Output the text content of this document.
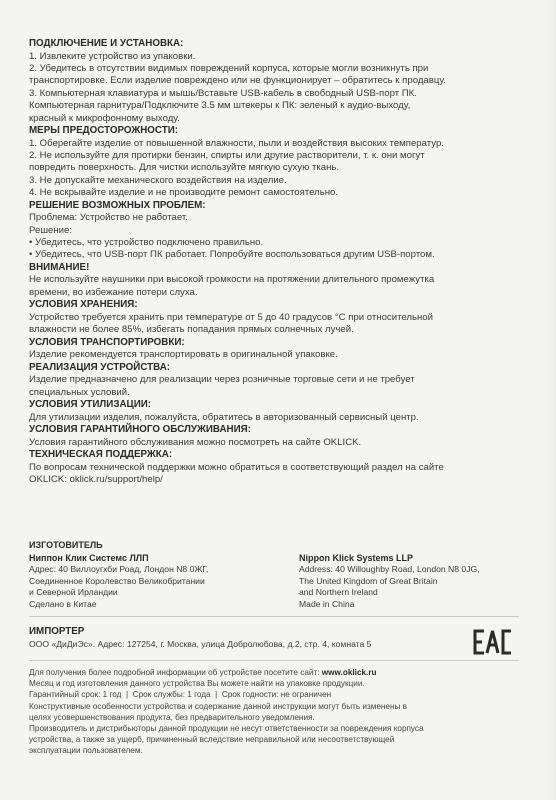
ПОДКЛЮЧЕНИЕ И УСТАНОВКА:
1. Извлеките устройство из упаковки.
2. Убедитесь в отсутствии видимых повреждений корпуса, которые могли возникнуть при
транспортировке. Если изделие повреждено или не функционирует – обратитесь к продавцу.
3. Компьютерная клавиатура и мышь/Вставьте USB-кабель в свободный USB-порт ПК.
Компьютерная гарнитура/Подключите 3.5 мм штекеры к ПК: зеленый к аудио-выходу,
красный к микрофонному выходу.
МЕРЫ ПРЕДОСТОРОЖНОСТИ:
1. Оберегайте изделие от повышенной влажности, пыли и воздействия высоких температур.
2. Не используйте для протирки бензин, спирты или другие растворители, т. к. они могут
повредить поверхность. Для чистки используйте мягкую сухую ткань.
3. Не допускайте механического воздействия на изделие.
4. Не вскрывайте изделие и не производите ремонт самостоятельно.
РЕШЕНИЕ ВОЗМОЖНЫХ ПРОБЛЕМ:
Проблема: Устройство не работает.
Решение:
• Убедитесь, что устройство подключено правильно.
• Убедитесь, что USB-порт ПК работает. Попробуйте воспользоваться другим USB-портом.
ВНИМАНИЕ!
Не используйте наушники при высокой громкости на протяжении длительного промежутка
времени, во избежание потери слуха.
УСЛОВИЯ ХРАНЕНИЯ:
Устройство требуется хранить при температуре от 5 до 40 градусов °С при относительной
влажности не более 85%, избегать попадания прямых солнечных лучей.
УСЛОВИЯ ТРАНСПОРТИРОВКИ:
Изделие рекомендуется транспортировать в оригинальной упаковке.
РЕАЛИЗАЦИЯ УСТРОЙСТВА:
Изделие предназначено для реализации через розничные торговые сети и не требует
специальных условий.
УСЛОВИЯ УТИЛИЗАЦИИ:
Для утилизации изделия, пожалуйста, обратитесь в авторизованный сервисный центр.
УСЛОВИЯ ГАРАНТИЙНОГО ОБСЛУЖИВАНИЯ:
Условия гарантийного обслуживания можно посмотреть на сайте OKLICK.
ТЕХНИЧЕСКАЯ ПОДДЕРЖКА:
По вопросам технической поддержки можно обратиться в соответствующий раздел на сайте
OKLICK: oklick.ru/support/help/
ИЗГОТОВИТЕЛЬ
Ниппон Клик Системс ЛЛП
Адрес: 40 Виллоугхби Роад, Лондон N8 0ЖГ,
Соединенное Королевство Великобритании
и Северной Ирландии
Сделано в Китае
Nippon Klick Systems LLP
Address: 40 Willoughby Road, London N8 0JG,
The United Kingdom of Great Britain
and Northern Ireland
Made in China
ИМПОРТЕР
ООО «ДиДиЭс». Адрес: 127254, г. Москва, улица Добролюбова, д.2, стр. 4, комната 5
Для получения более подробной информации об устройстве посетите сайт: www.oklick.ru
Месяц и год изготовления данного устройства Вы можете найти на упаковке продукции.
Гарантийный срок: 1 год  |  Срок службы: 1 года  |  Срок годности: не ограничен
Конструктивные особенности устройства и содержание данной инструкции могут быть изменены в
целях усовершенствования продукта, без предварительного уведомления.
Производитель и дистрибьюторы данной продукции не несут ответственности за повреждения корпуса
устройства, а также за ущерб, причиненный вследствие неправильной или несоответствующей
эксплуатации пользователем.
